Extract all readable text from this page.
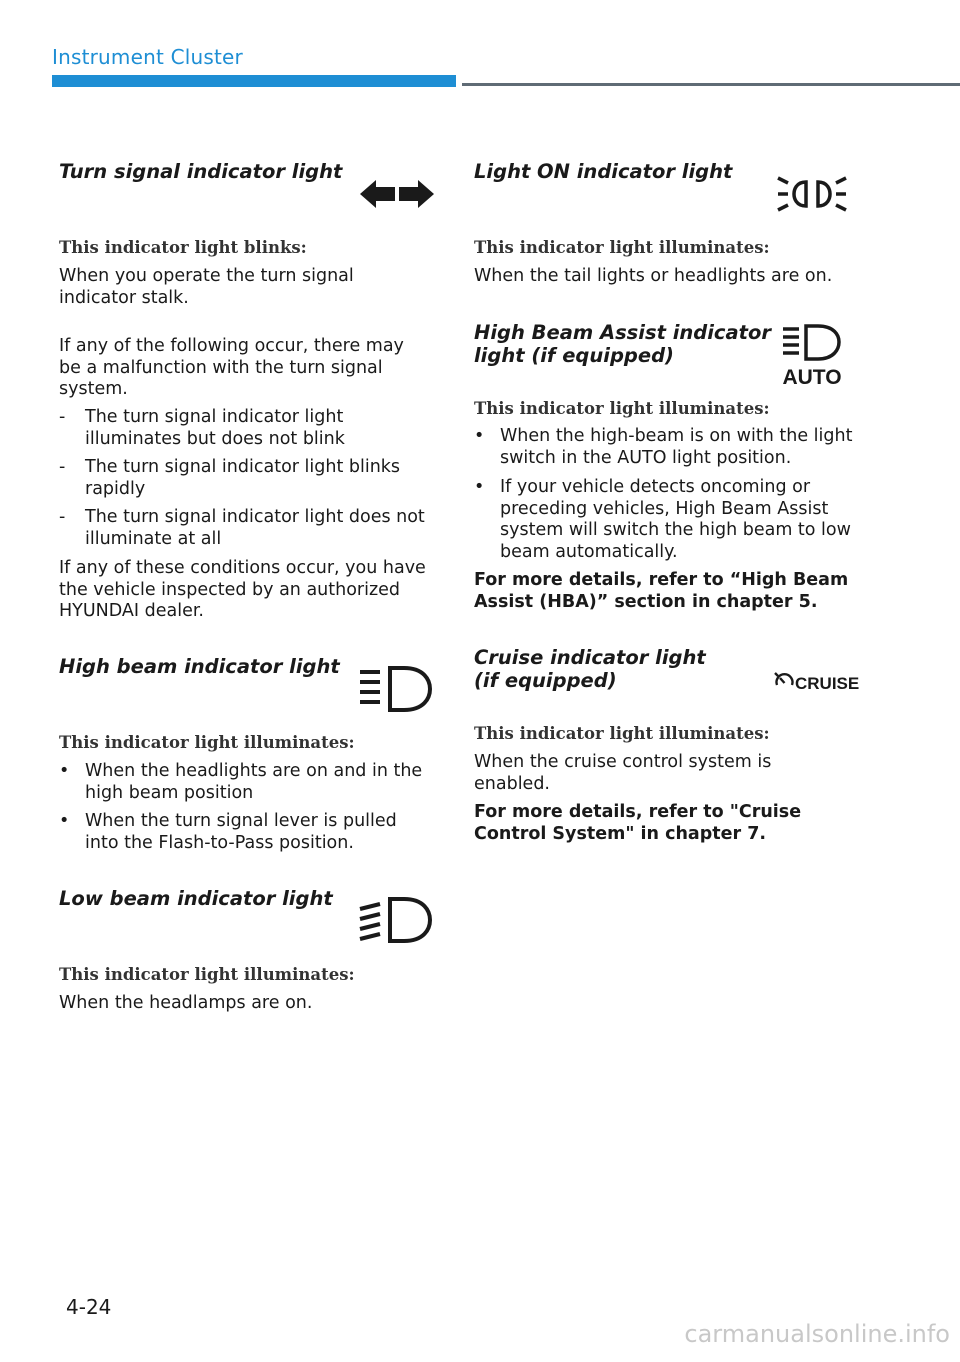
Instrument Cluster
Turn signal indicator light
This indicator light blinks:
When you operate the turn signal indicator stalk.
If any of the following occur, there may be a malfunction with the turn signal system.
- The turn signal indicator light illuminates but does not blink
- The turn signal indicator light blinks rapidly
- The turn signal indicator light does not illuminate at all
If any of these conditions occur, you have the vehicle inspected by an authorized HYUNDAI dealer.
High beam indicator light
This indicator light illuminates:
• When the headlights are on and in the high beam position
• When the turn signal lever is pulled into the Flash-to-Pass position.
Low beam indicator light
This indicator light illuminates:
When the headlamps are on.
Light ON indicator light
This indicator light illuminates:
When the tail lights or headlights are on.
High Beam Assist indicator
light (if equipped)
AUTO
This indicator light illuminates:
• When the high-beam is on with the light switch in the AUTO light position.
• If your vehicle detects oncoming or preceding vehicles, High Beam Assist system will switch the high beam to low beam automatically.
For more details, refer to “High Beam Assist (HBA)” section in chapter 5.
Cruise indicator light
(if equipped)	CRUISE
This indicator light illuminates:
When the cruise control system is enabled.
For more details, refer to "Cruise Control System" in chapter 7.
4-24
carmanualsonline.info
